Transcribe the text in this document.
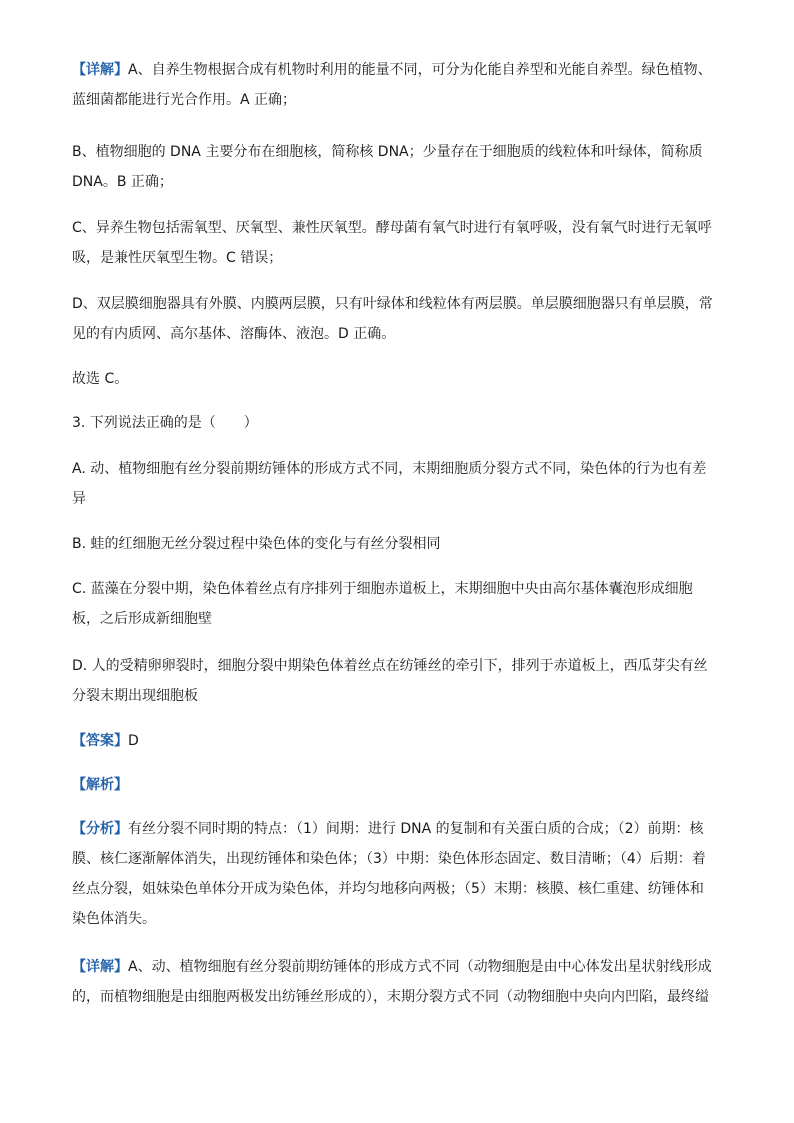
【详解】A、自养生物根据合成有机物时利用的能量不同，可分为化能自养型和光能自养型。绿色植物、
蓝细菌都能进行光合作用。A 正确；
B、植物细胞的 DNA 主要分布在细胞核，简称核 DNA；少量存在于细胞质的线粒体和叶绿体，简称质
DNA。B 正确；
C、异养生物包括需氧型、厌氧型、兼性厌氧型。酵母菌有氧气时进行有氧呼吸，没有氧气时进行无氧呼
吸，是兼性厌氧型生物。C 错误；
D、双层膜细胞器具有外膜、内膜两层膜，只有叶绿体和线粒体有两层膜。单层膜细胞器只有单层膜，常
见的有内质网、高尔基体、溶酶体、液泡。D 正确。
故选 C。
3. 下列说法正确的是（　　）
A. 动、植物细胞有丝分裂前期纺锤体的形成方式不同，末期细胞质分裂方式不同，染色体的行为也有差
异
B. 蛙的红细胞无丝分裂过程中染色体的变化与有丝分裂相同
C. 蓝藻在分裂中期，染色体着丝点有序排列于细胞赤道板上，末期细胞中央由高尔基体囊泡形成细胞
板，之后形成新细胞壁
D. 人的受精卵卵裂时，细胞分裂中期染色体着丝点在纺锤丝的牵引下，排列于赤道板上，西瓜芽尖有丝
分裂末期出现细胞板
【答案】D
【解析】
【分析】有丝分裂不同时期的特点：（1）间期：进行 DNA 的复制和有关蛋白质的合成；（2）前期：核
膜、核仁逐渐解体消失，出现纺锤体和染色体；（3）中期：染色体形态固定、数目清晰；（4）后期：着
丝点分裂，姐妹染色单体分开成为染色体，并均匀地移向两极；（5）末期：核膜、核仁重建、纺锤体和
染色体消失。
【详解】A、动、植物细胞有丝分裂前期纺锤体的形成方式不同（动物细胞是由中心体发出星状射线形成
的，而植物细胞是由细胞两极发出纺锤丝形成的），末期分裂方式不同（动物细胞中央向内凹陷，最终缢
